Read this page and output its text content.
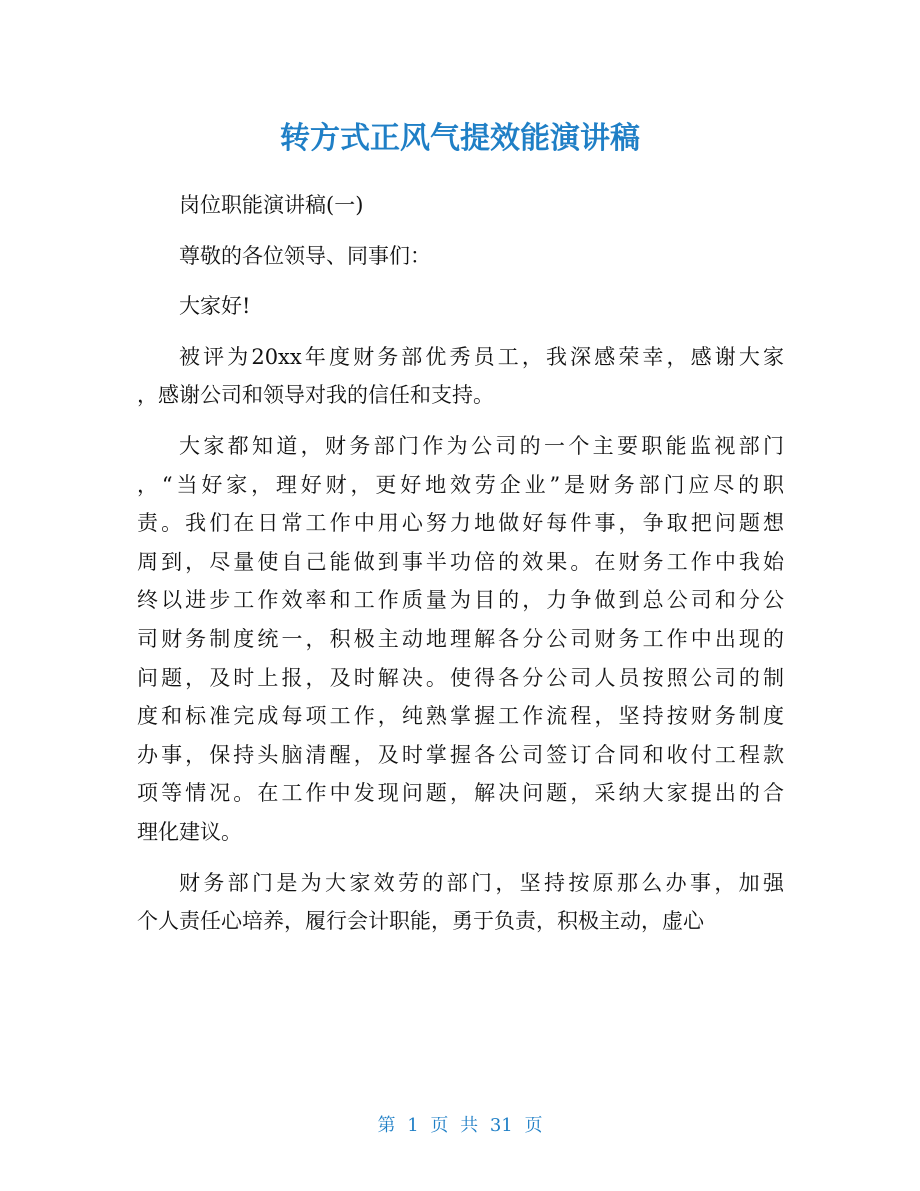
转方式正风气提效能演讲稿
岗位职能演讲稿(一)
尊敬的各位领导、同事们：
大家好!
被评为20xx年度财务部优秀员工，我深感荣幸，感谢大家
，感谢公司和领导对我的信任和支持。
大家都知道，财务部门作为公司的一个主要职能监视部门
，“当好家，理好财，更好地效劳企业”是财务部门应尽的职
责。我们在日常工作中用心努力地做好每件事，争取把问题想
周到，尽量使自己能做到事半功倍的效果。在财务工作中我始
终以进步工作效率和工作质量为目的，力争做到总公司和分公
司财务制度统一，积极主动地理解各分公司财务工作中出现的
问题，及时上报，及时解决。使得各分公司人员按照公司的制
度和标准完成每项工作，纯熟掌握工作流程，坚持按财务制度
办事，保持头脑清醒，及时掌握各公司签订合同和收付工程款
项等情况。在工作中发现问题，解决问题，采纳大家提出的合
理化建议。
财务部门是为大家效劳的部门，坚持按原那么办事，加强
个人责任心培养，履行会计职能，勇于负责，积极主动，虚心
第 1 页 共 31 页
